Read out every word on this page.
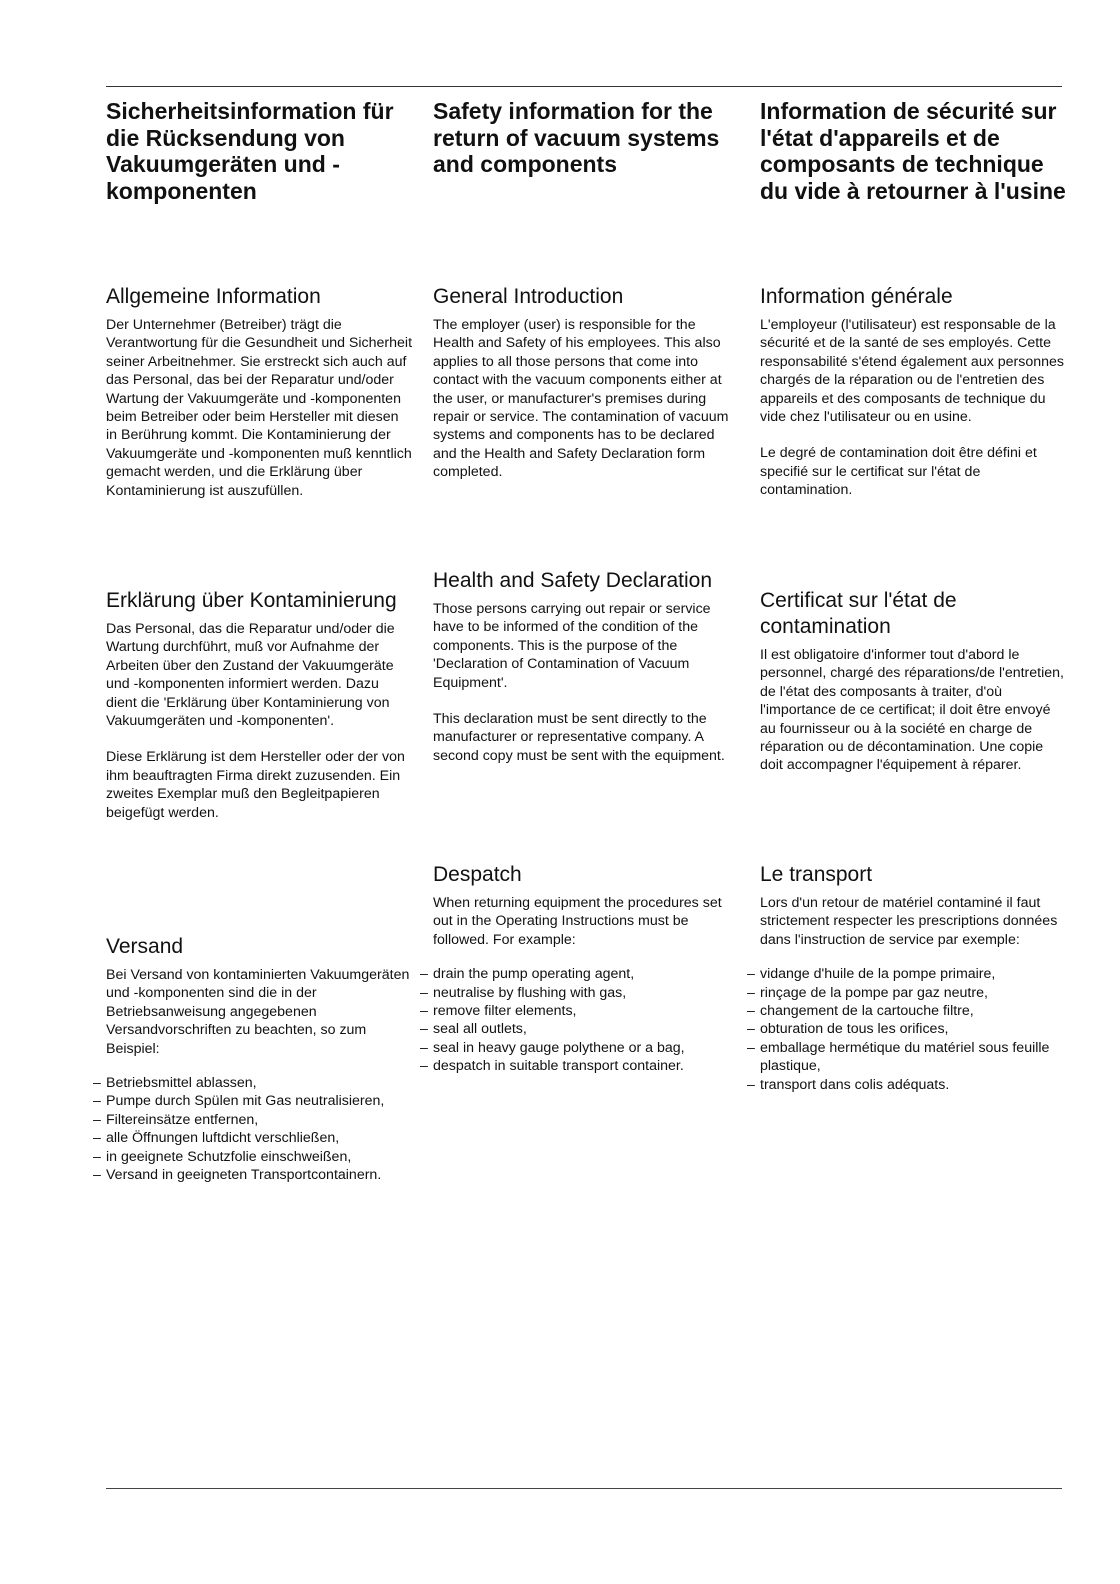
Sicherheitsinformation für die Rücksendung von Vakuumgeräten und -komponenten
Allgemeine Information

Der Unternehmer (Betreiber) trägt die Verantwortung für die Gesundheit und Sicherheit seiner Arbeitnehmer. Sie erstreckt sich auch auf das Personal, das bei der Reparatur und/oder Wartung der Vakuumgeräte und -komponenten beim Betreiber oder beim Hersteller mit diesen in Berührung kommt. Die Kontaminierung der Vakuumgeräte und -komponenten muß kenntlich gemacht werden, und die Erklärung über Kontaminierung ist auszufüllen.

Erklärung über Kontaminierung

Das Personal, das die Reparatur und/oder die Wartung durchführt, muß vor Aufnahme der Arbeiten über den Zustand der Vakuumgeräte und -komponenten informiert werden. Dazu dient die 'Erklärung über Kontaminierung von Vakuumgeräten und -komponenten'.

Diese Erklärung ist dem Hersteller oder der von ihm beauftragten Firma direkt zuzusenden. Ein zweites Exemplar muß den Begleitpapieren beigefügt werden.

Versand

Bei Versand von kontaminierten Vakuumgeräten und -komponenten sind die in der Betriebsanweisung angegebenen Versandvorschriften zu beachten, so zum Beispiel:

– Betriebsmittel ablassen,
– Pumpe durch Spülen mit Gas neutralisieren,
– Filtereinsätze entfernen,
– alle Öffnungen luftdicht verschließen,
– in geeignete Schutzfolie einschweißen,
– Versand in geeigneten Transportcontainern.
Safety information for the return of vacuum systems and components
General Introduction

The employer (user) is responsible for the Health and Safety of his employees. This also applies to all those persons that come into contact with the vacuum components either at the user, or manufacturer's premises during repair or service. The contamination of vacuum systems and components has to be declared and the Health and Safety Declaration form completed.

Health and Safety Declaration

Those persons carrying out repair or service have to be informed of the condition of the components. This is the purpose of the 'Declaration of Contamination of Vacuum Equipment'.

This declaration must be sent directly to the manufacturer or representative company. A second copy must be sent with the equipment.

Despatch

When returning equipment the procedures set out in the Operating Instructions must be followed. For example:

– drain the pump operating agent,
– neutralise by flushing with gas,
– remove filter elements,
– seal all outlets,
– seal in heavy gauge polythene or a bag,
– despatch in suitable transport container.
Information de sécurité sur l'état d'appareils et de composants de technique du vide à retourner à l'usine
Information générale

L'employeur (l'utilisateur) est responsable de la sécurité et de la santé de ses employés. Cette responsabilité s'étend également aux personnes chargés de la réparation ou de l'entretien des appareils et des composants de technique du vide chez l'utilisateur ou en usine.

Le degré de contamination doit être défini et specifié sur le certificat sur l'état de contamination.

Certificat sur l'état de contamination

Il est obligatoire d'informer tout d'abord le personnel, chargé des réparations/de l'entretien, de l'état des composants à traiter, d'où l'importance de ce certificat; il doit être envoyé au fournisseur ou à la société en charge de réparation ou de décontamination. Une copie doit accompagner l'équipement à réparer.

Le transport

Lors d'un retour de matériel contaminé il faut strictement respecter les prescriptions données dans l'instruction de service par exemple:

– vidange d'huile de la pompe primaire,
– rinçage de la pompe par gaz neutre,
– changement de la cartouche filtre,
– obturation de tous les orifices,
– emballage hermétique du matériel sous feuille plastique,
– transport dans colis adéquats.
